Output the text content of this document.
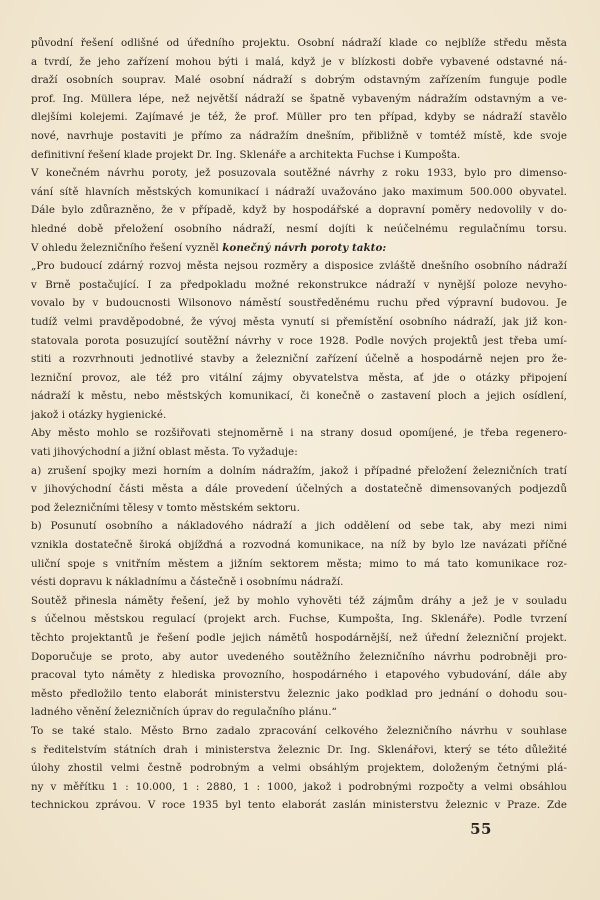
původní řešení odlišné od úředního projektu. Osobní nádraží klade co nejblíže středu města
a tvrdí, že jeho zařízení mohou býti i malá, když je v blízkosti dobře vybavené odstavné ná-
draží osobních souprav. Malé osobní nádraží s dobrým odstavným zařízením funguje podle
prof. Ing. Müllera lépe, než největší nádraží se špatně vybaveným nádražím odstavným a ve-
dlejšími kolejemi. Zajímavé je též, že prof. Müller pro ten případ, kdyby se nádraží stavělo
nové, navrhuje postaviti je přímo za nádražím dnešním, přibližně v tomtéž místě, kde svoje
definitivní řešení klade projekt Dr. Ing. Sklenáře a architekta Fuchse i Kumpošta.
V konečném návrhu poroty, jež posuzovala soutěžné návrhy z roku 1933, bylo pro dimenso-
vání sítě hlavních městských komunikací i nádraží uvažováno jako maximum 500.000 obyvatel.
Dále bylo zdůrazněno, že v případě, když by hospodářské a dopravní poměry nedovolily v do-
hledné době přeložení osobního nádraží, nesmí dojíti k neúčelnému regulačnímu torsu.
V ohledu železničního řešení vyzněl konečný návrh poroty takto:
„Pro budoucí zdárný rozvoj města nejsou rozměry a disposice zvláště dnešního osobního nádraží
v Brně postačující. I za předpokladu možné rekonstrukce nádraží v nynější poloze nevyho-
vovalo by v budoucnosti Wilsonovo náměstí soustředěnému ruchu před výpravní budovou. Je
tudíž velmi pravděpodobné, že vývoj města vynutí si přemístění osobního nádraží, jak již kon-
statovala porota posuzující soutěžní návrhy v roce 1928. Podle nových projektů jest třeba umí-
stiti a rozvrhnouti jednotlivé stavby a železniční zařízení účelně a hospodárně nejen pro že-
lezniční provoz, ale též pro vitální zájmy obyvatelstva města, ať jde o otázky připojení
nádraží k městu, nebo městských komunikací, či konečně o zastavení ploch a jejich osídlení,
jakož i otázky hygienické.
Aby město mohlo se rozšiřovati stejnoměrně i na strany dosud opomíjené, je třeba regenero-
vati jihovýchodní a jižní oblast města. To vyžaduje:
a) zrušení spojky mezi horním a dolním nádražím, jakož i případné přeložení železničních tratí
v jihovýchodní části města a dále provedení účelných a dostatečně dimensovaných podjezdů
pod železničními tělesy v tomto městském sektoru.
b) Posunutí osobního a nákladového nádraží a jich oddělení od sebe tak, aby mezi nimi
vznikla dostatečně široká objížďná a rozvodná komunikace, na níž by bylo lze navázati příčné
uliční spoje s vnitřním městem a jižním sektorem města; mimo to má tato komunikace roz-
vésti dopravu k nákladnímu a částečně i osobnímu nádraží.
Soutěž přinesla náměty řešení, jež by mohlo vyhověti též zájmům dráhy a jež je v souladu
s účelnou městskou regulací (projekt arch. Fuchse, Kumpošta, Ing. Sklenáře). Podle tvrzení
těchto projektantů je řešení podle jejich námětů hospodárnější, než úřední železniční projekt.
Doporučuje se proto, aby autor uvedeného soutěžního železničního návrhu podrobněji pro-
pracoval tyto náměty z hlediska provozního, hospodárného i etapového vybudování, dále aby
město předložilo tento elaborát ministerstvu železnic jako podklad pro jednání o dohodu sou-
ladného věnění železničních úprav do regulačního plánu.“
To se také stalo. Město Brno zadalo zpracování celkového železničního návrhu v souhlase
s ředitelstvím státních drah i ministerstva železnic Dr. Ing. Sklenářovi, který se této důležité
úlohy zhostil velmi čestně podrobným a velmi obsáhlým projektem, doloženým četnými plá-
ny v měřítku 1 : 10.000, 1 : 2880, 1 : 1000, jakož i podrobnými rozpočty a velmi obsáhlou
technickou zprávou. V roce 1935 byl tento elaborát zaslán ministerstvu železnic v Praze. Zde
55
